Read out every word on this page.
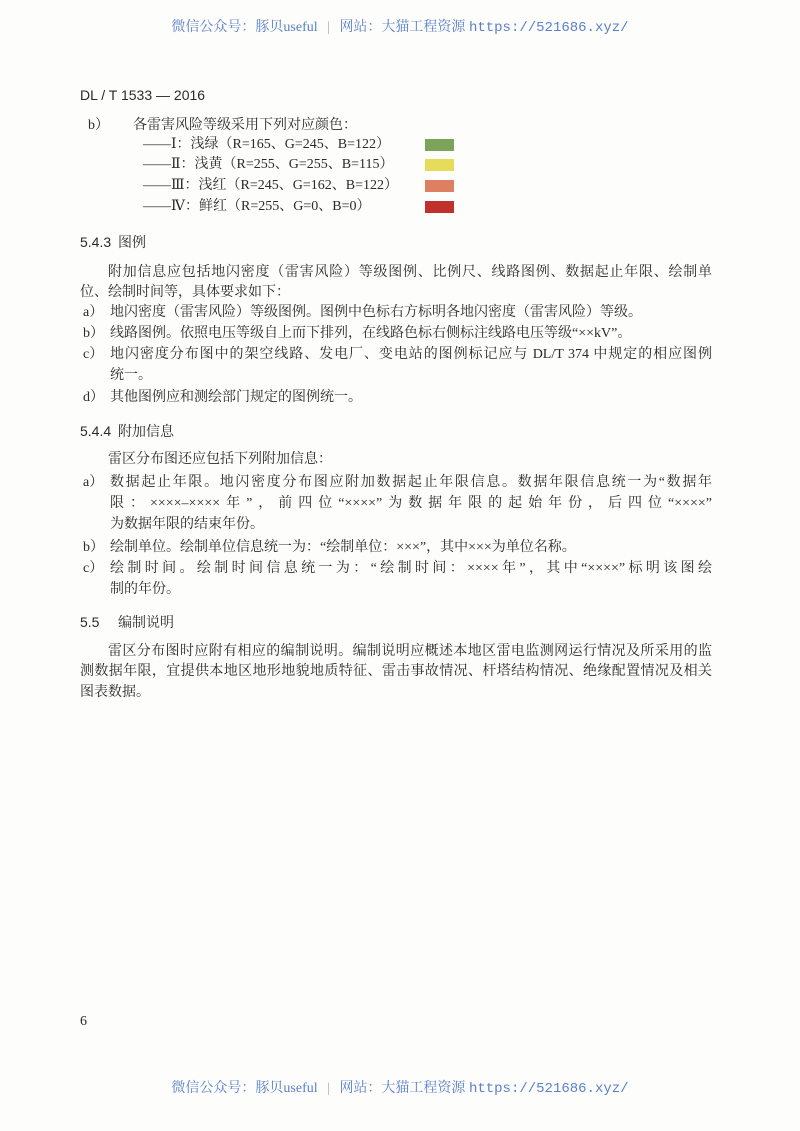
微信公众号：豚贝useful | 网站：大猫工程资源 https://521686.xyz/
DL / T 1533 — 2016
b） 各雷害风险等级采用下列对应颜色：
——Ⅰ：浅绿（R=165、G=245、B=122）
——Ⅱ：浅黄（R=255、G=255、B=115）
——Ⅲ：浅红（R=245、G=162、B=122）
——Ⅳ：鲜红（R=255、G=0、B=0）
5.4.3 图例
附加信息应包括地闪密度（雷害风险）等级图例、比例尺、线路图例、数据起止年限、绘制单
位、绘制时间等，具体要求如下：
a） 地闪密度（雷害风险）等级图例。图例中色标右方标明各地闪密度（雷害风险）等级。
b） 线路图例。依照电压等级自上而下排列，在线路色标右侧标注线路电压等级“××kV”。
c） 地闪密度分布图中的架空线路、发电厂、变电站的图例标记应与 DL/T 374 中规定的相应图例
统一。
d） 其他图例应和测绘部门规定的图例统一。
5.4.4 附加信息
雷区分布图还应包括下列附加信息：
a） 数据起止年限。地闪密度分布图应附加数据起止年限信息。数据年限信息统一为“数据年
限：××××–××××年”，前四位“××××”为数据年限的起始年份，后四位“××××”
为数据年限的结束年份。
b） 绘制单位。绘制单位信息统一为：“绘制单位：×××”，其中×××为单位名称。
c） 绘制时间。绘制时间信息统一为：“绘制时间：××××年”，其中“××××”标明该图绘
制的年份。
5.5 编制说明
雷区分布图时应附有相应的编制说明。编制说明应概述本地区雷电监测网运行情况及所采用的监
测数据年限，宜提供本地区地形地貌地质特征、雷击事故情况、杆塔结构情况、绝缘配置情况及相关
图表数据。
6
微信公众号：豚贝useful | 网站：大猫工程资源 https://521686.xyz/
